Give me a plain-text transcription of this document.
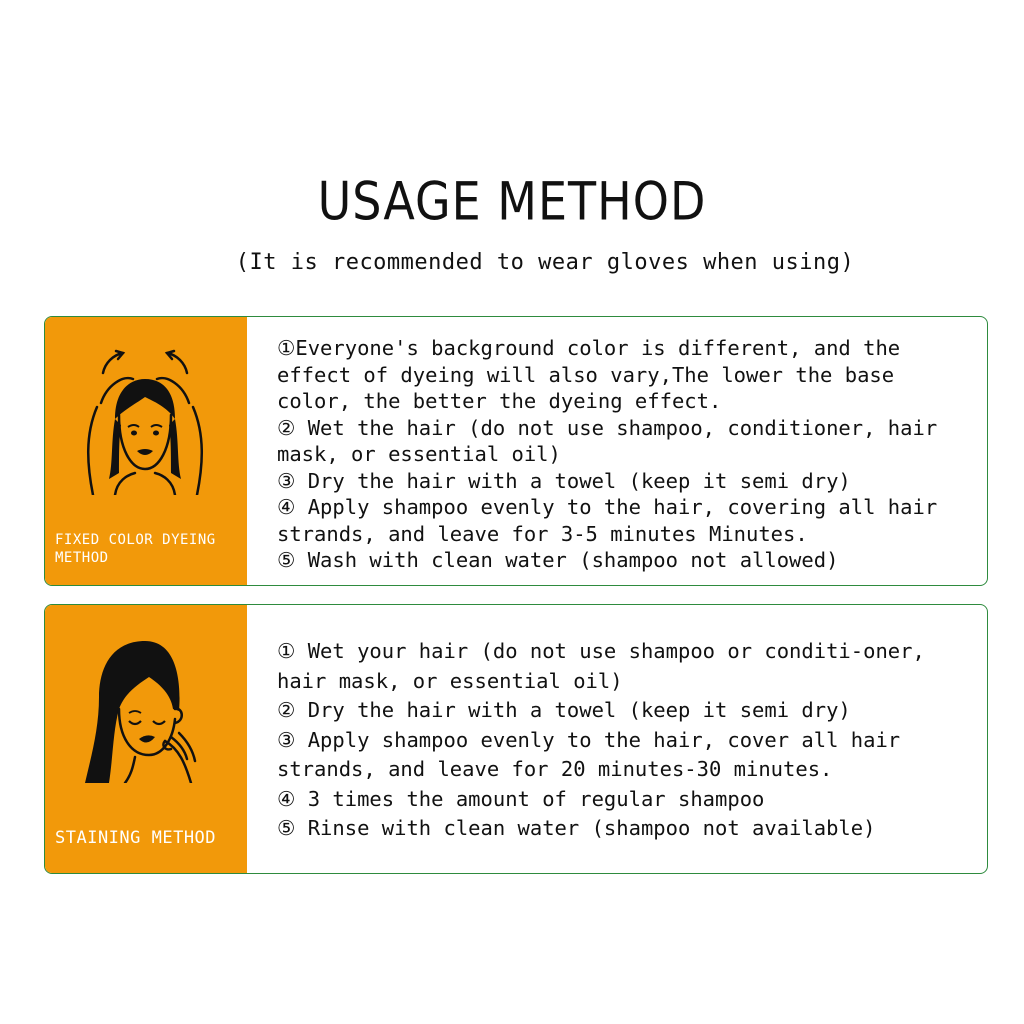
USAGE METHOD
(It is recommended to wear gloves when using)
FIXED COLOR DYEING METHOD
①Everyone's background color is different, and the effect of dyeing will also vary,The lower the base color, the better the dyeing effect.
② Wet the hair (do not use shampoo, conditioner, hair mask, or essential oil)
③ Dry the hair with a towel (keep it semi dry)
④ Apply shampoo evenly to the hair, covering all hair strands, and leave for 3-5 minutes Minutes.
⑤ Wash with clean water (shampoo not allowed)
STAINING METHOD
① Wet your hair (do not use shampoo or conditi-oner, hair mask, or essential oil)
② Dry the hair with a towel (keep it semi dry)
③ Apply shampoo evenly to the hair, cover all hair strands, and leave for 20 minutes-30 minutes.
④ 3 times the amount of regular shampoo
⑤ Rinse with clean water (shampoo not available)
